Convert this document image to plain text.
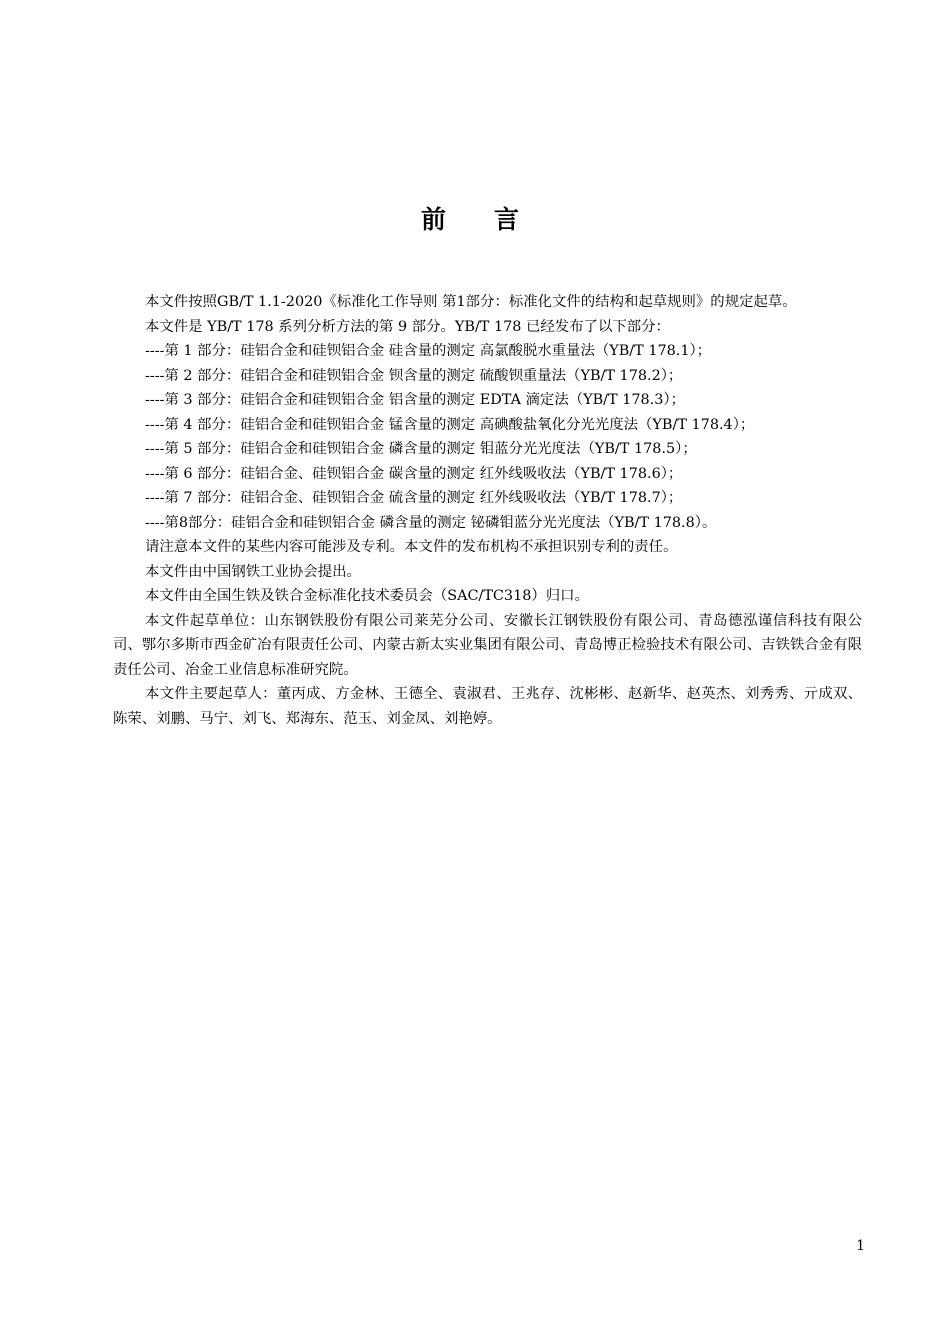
前言

本文件按照GB/T 1.1-2020《标准化工作导则 第1部分：标准化文件的结构和起草规则》的规定起草。

本文件是 YB/T 178 系列分析方法的第 9 部分。YB/T 178 已经发布了以下部分：

----第 1 部分：硅铝合金和硅钡铝合金 硅含量的测定 高氯酸脱水重量法（YB/T 178.1）；

----第 2 部分：硅铝合金和硅钡铝合金 钡含量的测定 硫酸钡重量法（YB/T 178.2）；

----第 3 部分：硅铝合金和硅钡铝合金 铝含量的测定 EDTA 滴定法（YB/T 178.3）；

----第 4 部分：硅铝合金和硅钡铝合金 锰含量的测定 高碘酸盐氧化分光光度法（YB/T 178.4）；

----第 5 部分：硅铝合金和硅钡铝合金 磷含量的测定 钼蓝分光光度法（YB/T 178.5）；

----第 6 部分：硅铝合金、硅钡铝合金 碳含量的测定 红外线吸收法（YB/T 178.6）；

----第 7 部分：硅铝合金、硅钡铝合金 硫含量的测定 红外线吸收法（YB/T 178.7）；

----第8部分：硅铝合金和硅钡铝合金 磷含量的测定 铋磷钼蓝分光光度法（YB/T 178.8）。

请注意本文件的某些内容可能涉及专利。本文件的发布机构不承担识别专利的责任。

本文件由中国钢铁工业协会提出。

本文件由全国生铁及铁合金标准化技术委员会（SAC/TC318）归口。

本文件起草单位：山东钢铁股份有限公司莱芜分公司、安徽长江钢铁股份有限公司、青岛德泓谨信科技有限公司、鄂尔多斯市西金矿冶有限责任公司、内蒙古新太实业集团有限公司、青岛博正检验技术有限公司、吉铁铁合金有限责任公司、冶金工业信息标准研究院。

本文件主要起草人：董丙成、方金林、王德全、袁淑君、王兆存、沈彬彬、赵新华、赵英杰、刘秀秀、亓成双、陈荣、刘鹏、马宁、刘飞、郑海东、范玉、刘金凤、刘艳婷。

1
